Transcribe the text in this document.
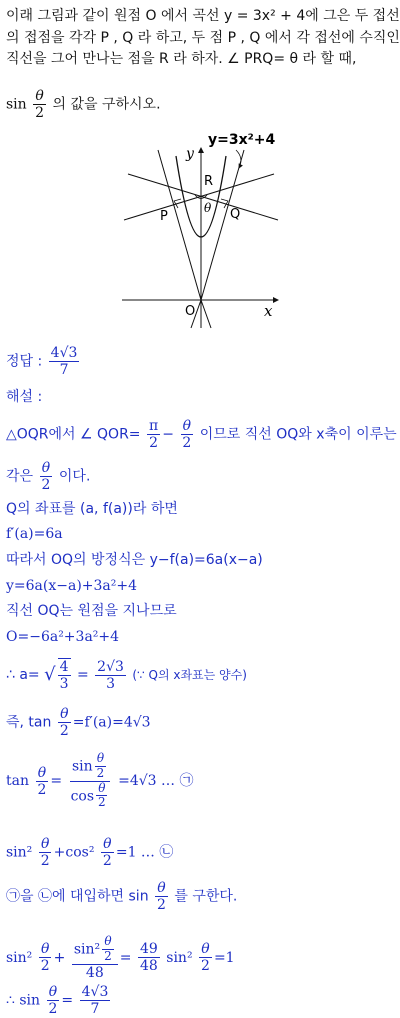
이래 그림과 같이 원점 O 에서 곡선 y = 3x² + 4에 그은 두 접선
의 접점을 각각 P , Q 라 하고, 두 점 P , Q 에서 각 접선에 수직인
직선을 그어 만나는 점을 R 라 하자. ∠ PRQ= θ 라 할 때,
$\sin \frac{\theta}{2}$ 의 값을 구하시오.
y=3x²+4
y
x
O
P	Q
R
θ
정답 : $\frac{4√3}{7}$
해설 :
△OQR에서 ∠ $QOR= \frac{\pi}{2} - \frac{\theta}{2}$ 이므로 직선 OQ와 x축이 이루는
각은 $\frac{\theta}{2}$ 이다.
Q의 좌표를 (a, f(a))라 하면
f′(a)=6a
따라서 OQ의 방정식은 y−f(a)=6a(x−a)
y=6a(x−a)+3a²+4
직선 OQ는 원점을 지나므로
O=−6a²+3a²+4
∴ a= √ $\frac{4}{3} = \frac{2√3}{3}$ (∵ Q의 x좌표는 양수)
즉, $\tan \frac{\theta}{2} =f'(a)=4√3$
$\tan \frac{\theta}{2} = \frac{\sin \frac{\theta}{2}}{\cos \frac{\theta}{2}} =4√3$ … ㉠
$\sin^2 \frac{\theta}{2} +\cos^2 \frac{\theta}{2} =1$ … ㉡
㉠을 ㉡에 대입하면 $\sin \frac{\theta}{2}$ 를 구한다.
$\sin^2 \frac{\theta}{2} + \frac{\sin^2 \frac{\theta}{2}}{48} = \frac{49}{48} \sin^2 \frac{\theta}{2} =1$
∴ $\sin \frac{\theta}{2} = \frac{4√3}{7}$
